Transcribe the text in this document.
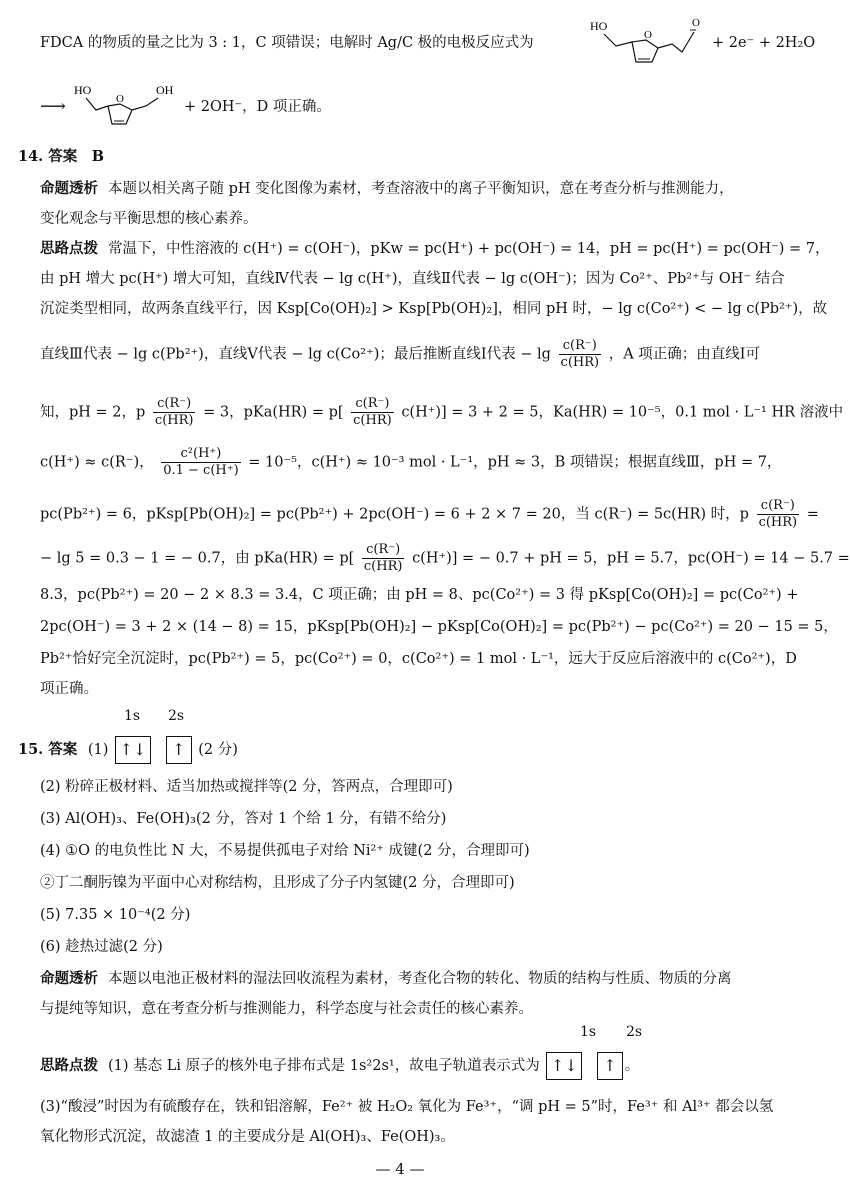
FDCA 的物质的量之比为 3 : 1，C 项错误；电解时 Ag/C 极的电极反应式为
HO
O
O
+ 2e⁻ + 2H₂O
⟶
HO
O
OH
+ 2OH⁻，D 项正确。
14. 答案　B
命题透析 本题以相关离子随 pH 变化图像为素材，考查溶液中的离子平衡知识，意在考查分析与推测能力，
变化观念与平衡思想的核心素养。
思路点拨 常温下，中性溶液的 c(H⁺) = c(OH⁻)，pKw = pc(H⁺) + pc(OH⁻) = 14，pH = pc(H⁺) = pc(OH⁻) = 7，
由 pH 增大 pc(H⁺) 增大可知，直线Ⅳ代表 − lg c(H⁺)，直线Ⅱ代表 − lg c(OH⁻)；因为 Co²⁺、Pb²⁺与 OH⁻ 结合
沉淀类型相同，故两条直线平行，因 Ksp[Co(OH)₂] > Ksp[Pb(OH)₂]，相同 pH 时，− lg c(Co²⁺) < − lg c(Pb²⁺)，故
直线Ⅲ代表 − lg c(Pb²⁺)，直线Ⅴ代表 − lg c(Co²⁺)；最后推断直线Ⅰ代表 − $\lg \frac{c(R^-)}{c(HR)}$ ，A 项正确；由直线Ⅰ可
知，pH = 2，p $\frac{c(R^-)}{c(HR)} = 3$，$pKa(HR) = p[ \frac{c(R^-)}{c(HR)} c(H^+)] = 3 + 2 = 5$，Ka(HR) = 10⁻⁵，0.1 mol · L⁻¹ HR 溶液中
c(H⁺) ≈ c(R⁻)， $\frac{\text{c²(H⁺)}}{0.1 - c(H^+)} = 10^{-5}$，c(H⁺) ≈ 10⁻³ mol · L⁻¹，pH ≈ 3，B 项错误；根据直线Ⅲ，pH = 7，
pc(Pb²⁺) = 6，pKsp[Pb(OH)₂] = pc(Pb²⁺) + 2pc(OH⁻) = 6 + 2 × 7 = 20，当 c(R⁻) = 5c(HR) 时，p $\frac{c(R^-)}{c(HR)}$ =
− lg 5 = 0.3 − 1 = − 0.7，由 $pKa(HR) = p[ \frac{c(R^-)}{c(HR)} c(H^+)]$ = − 0.7 + pH = 5，pH = 5.7，pc(OH⁻) = 14 − 5.7 =
8.3，pc(Pb²⁺) = 20 − 2 × 8.3 = 3.4，C 项正确；由 pH = 8、pc(Co²⁺) = 3 得 pKsp[Co(OH)₂] = pc(Co²⁺) +
2pc(OH⁻) = 3 + 2 × (14 − 8) = 15，pKsp[Pb(OH)₂] − pKsp[Co(OH)₂] = pc(Pb²⁺) − pc(Co²⁺) = 20 − 15 = 5，
Pb²⁺恰好完全沉淀时，pc(Pb²⁺) = 5，pc(Co²⁺) = 0，c(Co²⁺) = 1 mol · L⁻¹，远大于反应后溶液中的 c(Co²⁺)，D
项正确。
1s 2s
15. 答案 (1) ↑↓ ↑ (2 分)
(2) 粉碎正极材料、适当加热或搅拌等(2 分，答两点，合理即可)
(3) Al(OH)₃、Fe(OH)₃(2 分，答对 1 个给 1 分，有错不给分)
(4) ①O 的电负性比 N 大，不易提供孤电子对给 Ni²⁺ 成键(2 分，合理即可)
②丁二酮肟镍为平面中心对称结构，且形成了分子内氢键(2 分，合理即可)
(5) 7.35 × 10⁻⁴(2 分)
(6) 趁热过滤(2 分)
命题透析 本题以电池正极材料的湿法回收流程为素材，考查化合物的转化、物质的结构与性质、物质的分离
与提纯等知识，意在考查分析与推测能力，科学态度与社会责任的核心素养。
1s 2s
思路点拨 (1) 基态 Li 原子的核外电子排布式是 1s²2s¹，故电子轨道表示式为 ↑↓ ↑ 。
(3)“酸浸”时因为有硫酸存在，铁和铝溶解，Fe²⁺ 被 H₂O₂ 氧化为 Fe³⁺，“调 pH = 5”时，Fe³⁺ 和 Al³⁺ 都会以氢
氧化物形式沉淀，故滤渣 1 的主要成分是 Al(OH)₃、Fe(OH)₃。
— 4 —
